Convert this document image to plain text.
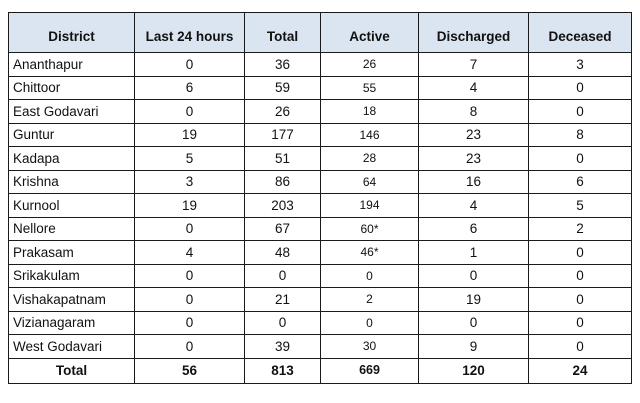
District	Last 24 hours	Total	Active	Discharged	Deceased
Ananthapur	0	36	26	7	3
Chittoor	6	59	55	4	0
East Godavari	0	26	18	8	0
Guntur	19	177	146	23	8
Kadapa	5	51	28	23	0
Krishna	3	86	64	16	6
Kurnool	19	203	194	4	5
Nellore	0	67	60*	6	2
Prakasam	4	48	46*	1	0
Srikakulam	0	0	0	0	0
Vishakapatnam	0	21	2	19	0
Vizianagaram	0	0	0	0	0
West Godavari	0	39	30	9	0
Total	56	813	669	120	24
